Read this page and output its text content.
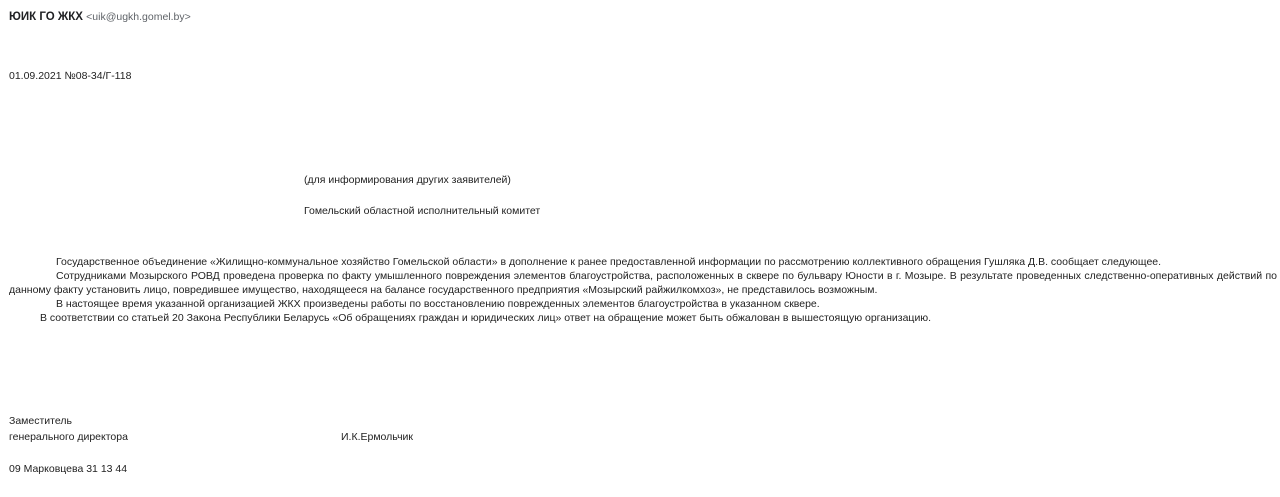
ЮИК ГО ЖКХ <uik@ugkh.gomel.by>
01.09.2021 №08-34/Г-118
(для информирования других заявителей)
Гомельский областной исполнительный комитет

Государственное объединение «Жилищно-коммунальное хозяйство Гомельской области» в дополнение к ранее предоставленной информации по рассмотрению коллективного обращения Гушляка Д.В. сообщает следующее.

Сотрудниками Мозырского РОВД проведена проверка по факту умышленного повреждения элементов благоустройства, расположенных в сквере по бульвару Юности в г. Мозыре. В результате проведенных следственно-оперативных действий по данному факту установить лицо, повредившее имущество, находящееся на балансе государственного предприятия «Мозырский райжилкомхоз», не представилось возможным.

В настоящее время указанной организацией ЖКХ произведены работы по восстановлению поврежденных элементов благоустройства в указанном сквере.

В соответствии со статьей 20 Закона Республики Беларусь «Об обращениях граждан и юридических лиц» ответ на обращение может быть обжалован в вышестоящую организацию.

Заместитель
генерального директора	И.К.Ермольчик
09 Марковцева 31 13 44
